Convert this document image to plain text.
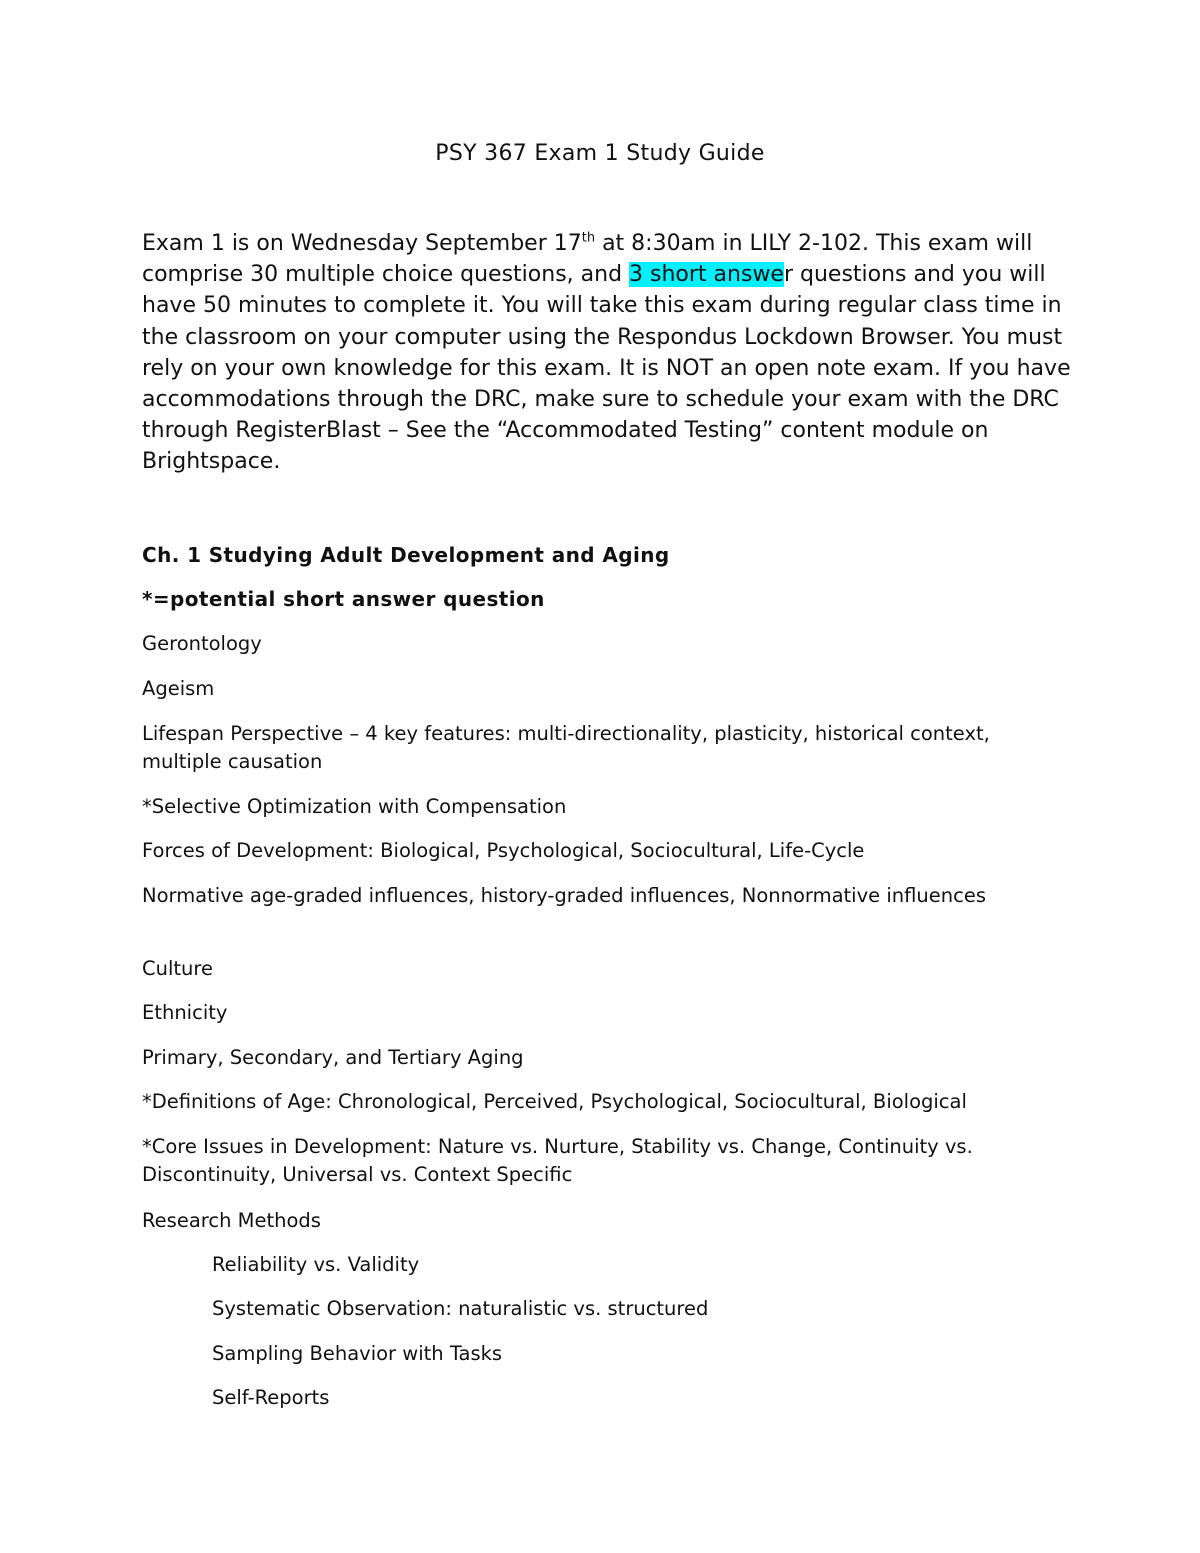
PSY 367 Exam 1 Study Guide

Exam 1 is on Wednesday September 17th at 8:30am in LILY 2-102. This exam will comprise 30 multiple choice questions, and 3 short answer questions and you will have 50 minutes to complete it. You will take this exam during regular class time in the classroom on your computer using the Respondus Lockdown Browser. You must rely on your own knowledge for this exam. It is NOT an open note exam. If you have accommodations through the DRC, make sure to schedule your exam with the DRC through RegisterBlast – See the “Accommodated Testing” content module on Brightspace.

Ch. 1 Studying Adult Development and Aging
*=potential short answer question

Gerontology

Ageism

Lifespan Perspective – 4 key features: multi-directionality, plasticity, historical context, multiple causation

*Selective Optimization with Compensation

Forces of Development: Biological, Psychological, Sociocultural, Life-Cycle

Normative age-graded influences, history-graded influences, Nonnormative influences

Culture

Ethnicity

Primary, Secondary, and Tertiary Aging

*Definitions of Age: Chronological, Perceived, Psychological, Sociocultural, Biological

*Core Issues in Development: Nature vs. Nurture, Stability vs. Change, Continuity vs. Discontinuity, Universal vs. Context Specific

Research Methods

Reliability vs. Validity

Systematic Observation: naturalistic vs. structured

Sampling Behavior with Tasks

Self-Reports
